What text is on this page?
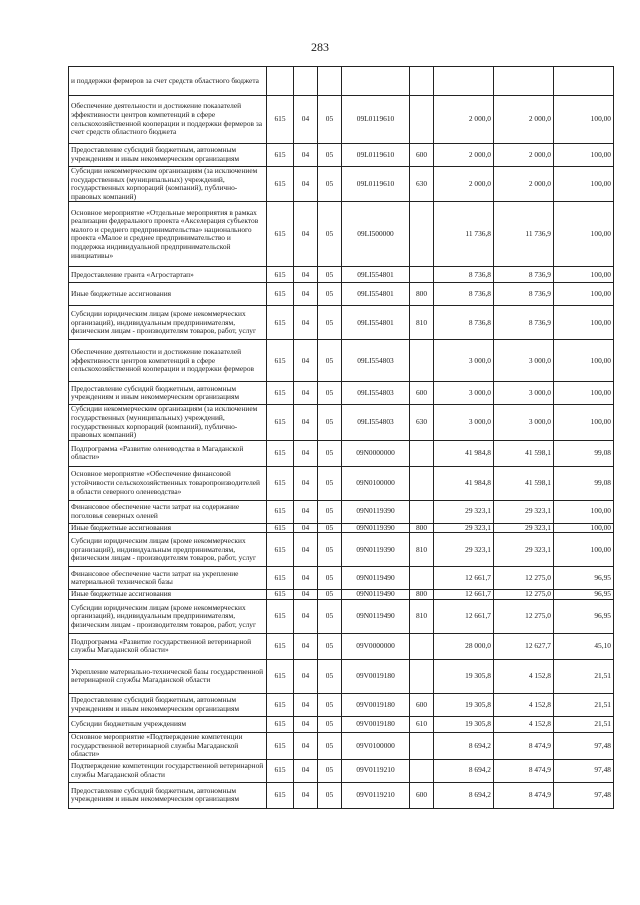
283
и поддержки фермеров за счет средств областного бюджета								
Обеспечение деятельности и достижение показателей эффективности центров компетенций в сфере сельскохозяйственной кооперации и поддержки фермеров за счет средств областного бюджета	615	04	05	09L0119610		2 000,0	2 000,0	100,00
Предоставление субсидий бюджетным, автономным учреждениям и иным некоммерческим организациям	615	04	05	09L0119610	600	2 000,0	2 000,0	100,00
Субсидии некоммерческим организациям (за исключением государственных (муниципальных) учреждений, государственных корпораций (компаний), публично-правовых компаний)	615	04	05	09L0119610	630	2 000,0	2 000,0	100,00
Основное мероприятие «Отдельные мероприятия в рамках реализации федерального проекта «Акселерация субъектов малого и среднего предпринимательства» национального проекта «Малое и среднее предпринимательство и поддержка индивидуальной предпринимательской инициативы»	615	04	05	09LI500000		11 736,8	11 736,9	100,00
Предоставление гранта «Агростартап»	615	04	05	09LI554801		8 736,8	8 736,9	100,00
Иные бюджетные ассигнования	615	04	05	09LI554801	800	8 736,8	8 736,9	100,00
Субсидии юридическим лицам (кроме некоммерческих организаций), индивидуальным предпринимателям, физическим лицам - производителям товаров, работ, услуг	615	04	05	09LI554801	810	8 736,8	8 736,9	100,00
Обеспечение деятельности и достижение показателей эффективности центров компетенций в сфере сельскохозяйственной кооперации и поддержки фермеров	615	04	05	09LI554803		3 000,0	3 000,0	100,00
Предоставление субсидий бюджетным, автономным учреждениям и иным некоммерческим организациям	615	04	05	09LI554803	600	3 000,0	3 000,0	100,00
Субсидии некоммерческим организациям (за исключением государственных (муниципальных) учреждений, государственных корпораций (компаний), публично-правовых компаний)	615	04	05	09LI554803	630	3 000,0	3 000,0	100,00
Подпрограмма «Развитие оленеводства в Магаданской области»	615	04	05	09N0000000		41 984,8	41 598,1	99,08
Основное мероприятие «Обеспечение финансовой устойчивости сельскохозяйственных товаропроизводителей в области северного оленеводства»	615	04	05	09N0100000		41 984,8	41 598,1	99,08
Финансовое обеспечение части затрат на содержание поголовья северных оленей	615	04	05	09N0119390		29 323,1	29 323,1	100,00
Иные бюджетные ассигнования	615	04	05	09N0119390	800	29 323,1	29 323,1	100,00
Субсидии юридическим лицам (кроме некоммерческих организаций), индивидуальным предпринимателям, физическим лицам - производителям товаров, работ, услуг	615	04	05	09N0119390	810	29 323,1	29 323,1	100,00
Финансовое обеспечение части затрат на укрепление материальной технической базы	615	04	05	09N0119490		12 661,7	12 275,0	96,95
Иные бюджетные ассигнования	615	04	05	09N0119490	800	12 661,7	12 275,0	96,95
Субсидии юридическим лицам (кроме некоммерческих организаций), индивидуальным предпринимателям, физическим лицам - производителям товаров, работ, услуг	615	04	05	09N0119490	810	12 661,7	12 275,0	96,95
Подпрограмма «Развитие государственной ветеринарной службы Магаданской области»	615	04	05	09V0000000		28 000,0	12 627,7	45,10
Укрепление материально-технической базы государственной ветеринарной службы Магаданской области	615	04	05	09V0019180		19 305,8	4 152,8	21,51
Предоставление субсидий бюджетным, автономным учреждениям и иным некоммерческим организациям	615	04	05	09V0019180	600	19 305,8	4 152,8	21,51
Субсидии бюджетным учреждениям	615	04	05	09V0019180	610	19 305,8	4 152,8	21,51
Основное мероприятие «Подтверждение компетенции государственной ветеринарной службы Магаданской области»	615	04	05	09V0100000		8 694,2	8 474,9	97,48
Подтверждение компетенции государственной ветеринарной службы Магаданской области	615	04	05	09V0119210		8 694,2	8 474,9	97,48
Предоставление субсидий бюджетным, автономным учреждениям и иным некоммерческим организациям	615	04	05	09V0119210	600	8 694,2	8 474,9	97,48
